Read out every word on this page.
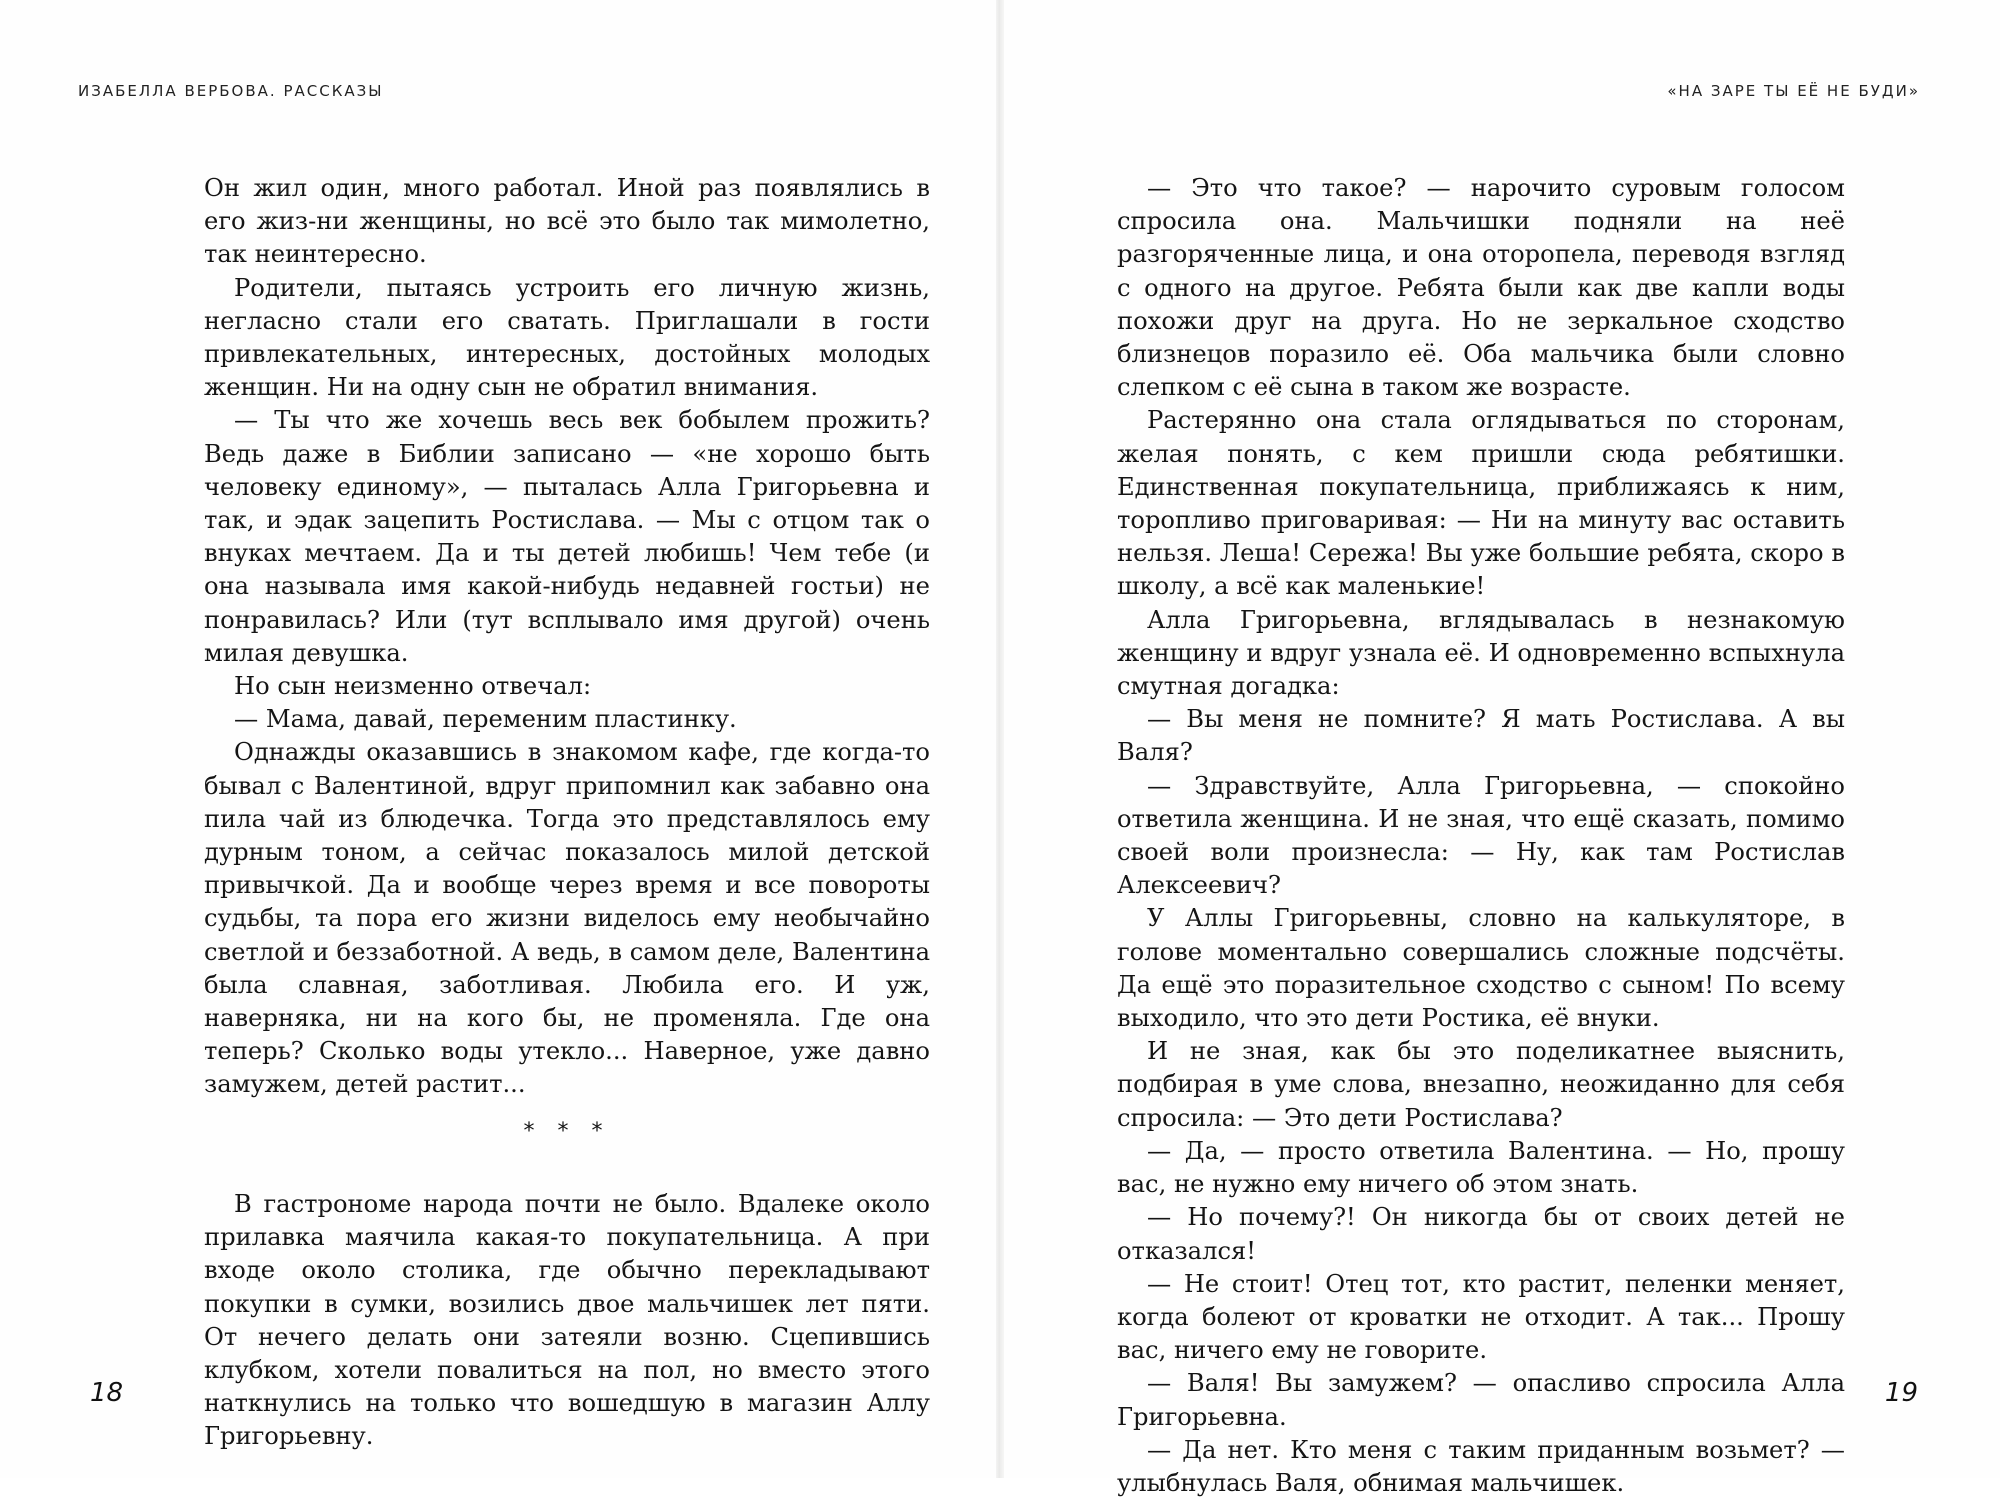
ИЗАБЕЛЛА ВЕРБОВА. РАССКАЗЫ

Он жил один, много работал. Иной раз появлялись в его жиз-ни женщины, но всё это было так мимолетно, так неинтересно.

Родители, пытаясь устроить его личную жизнь, негласно стали его сватать. Приглашали в гости привлекательных, интересных, достойных молодых женщин. Ни на одну сын не обратил внимания.

— Ты что же хочешь весь век бобылем прожить? Ведь даже в Библии записано — «не хорошо быть человеку единому», — пыталась Алла Григорьевна и так, и эдак зацепить Ростислава. — Мы с отцом так о внуках мечтаем. Да и ты детей любишь! Чем тебе (и она называла имя какой-нибудь недавней гостьи) не понравилась? Или (тут всплывало имя другой) очень милая девушка.

Но сын неизменно отвечал:

— Мама, давай, переменим пластинку.

Однажды оказавшись в знакомом кафе, где когда-то бывал с Валентиной, вдруг припомнил как забавно она пила чай из блюдечка. Тогда это представлялось ему дурным тоном, а сейчас показалось милой детской привычкой. Да и вообще через время и все повороты судьбы, та пора его жизни виделось ему необычайно светлой и беззаботной. А ведь, в самом деле, Валентина была славная, заботливая. Любила его. И уж, наверняка, ни на кого бы, не променяла. Где она теперь? Сколько воды утекло... Наверное, уже давно замужем, детей растит...

* * *

В гастрономе народа почти не было. Вдалеке около прилавка маячила какая-то покупательница. А при входе около столика, где обычно перекладывают покупки в сумки, возились двое мальчишек лет пяти. От нечего делать они затеяли возню. Сцепившись клубком, хотели повалиться на пол, но вместо этого наткнулись на только что вошедшую в магазин Аллу Григорьевну.

18
«НА ЗАРЕ ТЫ ЕЁ НЕ БУДИ»

— Это что такое? — нарочито суровым голосом спросила она. Мальчишки подняли на неё разгоряченные лица, и она оторопела, переводя взгляд с одного на другое. Ребята были как две капли воды похожи друг на друга. Но не зеркальное сходство близнецов поразило её. Оба мальчика были словно слепком с её сына в таком же возрасте.

Растерянно она стала оглядываться по сторонам, желая понять, с кем пришли сюда ребятишки. Единственная покупательница, приближаясь к ним, торопливо приговаривая: — Ни на минуту вас оставить нельзя. Леша! Сережа! Вы уже большие ребята, скоро в школу, а всё как маленькие!

Алла Григорьевна, вглядывалась в незнакомую женщину и вдруг узнала её. И одновременно вспыхнула смутная догадка:

— Вы меня не помните? Я мать Ростислава. А вы Валя?

— Здравствуйте, Алла Григорьевна, — спокойно ответила женщина. И не зная, что ещё сказать, помимо своей воли произнесла: — Ну, как там Ростислав Алексеевич?

У Аллы Григорьевны, словно на калькуляторе, в голове моментально совершались сложные подсчёты. Да ещё это поразительное сходство с сыном! По всему выходило, что это дети Ростика, её внуки.

И не зная, как бы это поделикатнее выяснить, подбирая в уме слова, внезапно, неожиданно для себя спросила: — Это дети Ростислава?

— Да, — просто ответила Валентина. — Но, прошу вас, не нужно ему ничего об этом знать.

— Но почему?! Он никогда бы от своих детей не отказался!

— Не стоит! Отец тот, кто растит, пеленки меняет, когда болеют от кроватки не отходит. А так... Прошу вас, ничего ему не говорите.

— Валя! Вы замужем? — опасливо спросила Алла Григорьевна.

— Да нет. Кто меня с таким приданным возьмет? — улыбнулась Валя, обнимая мальчишек.

19
